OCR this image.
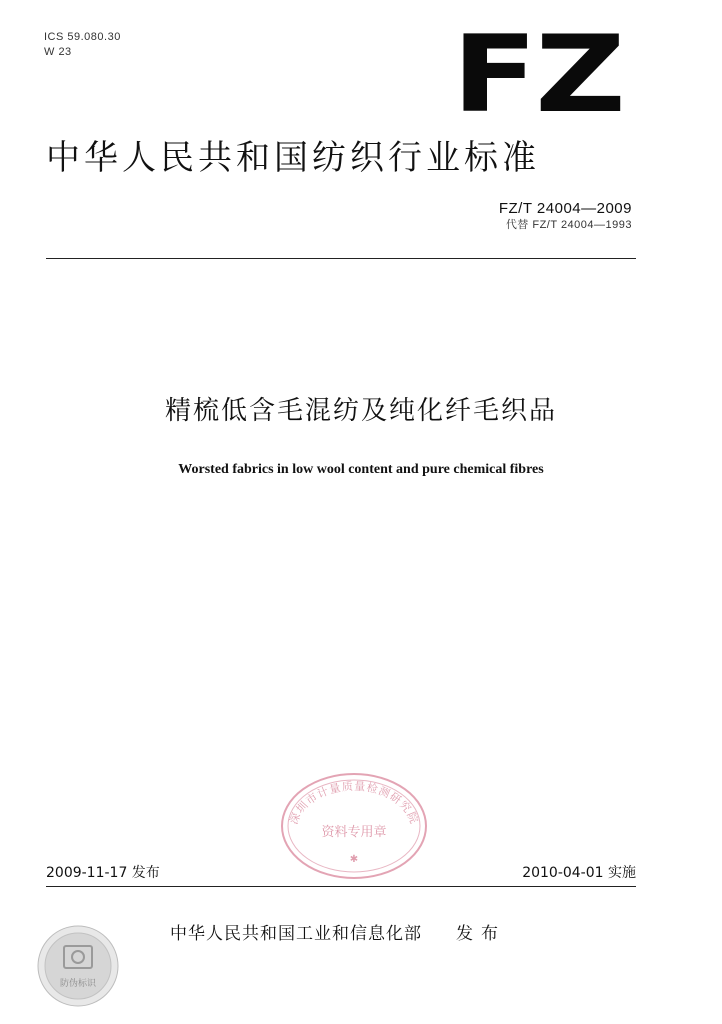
ICS 59.080.30
W 23	FZ
中华人民共和国纺织行业标准
FZ/T 24004—2009
代替 FZ/T 24004—1993
精梳低含毛混纺及纯化纤毛织品
Worsted fabrics in low wool content and pure chemical fibres
深圳市计量质量检测研究院
资料专用章
✱
2009-11-17 发布	2010-04-01 实施
防伪标识
中华人民共和国工业和信息化部 发布
